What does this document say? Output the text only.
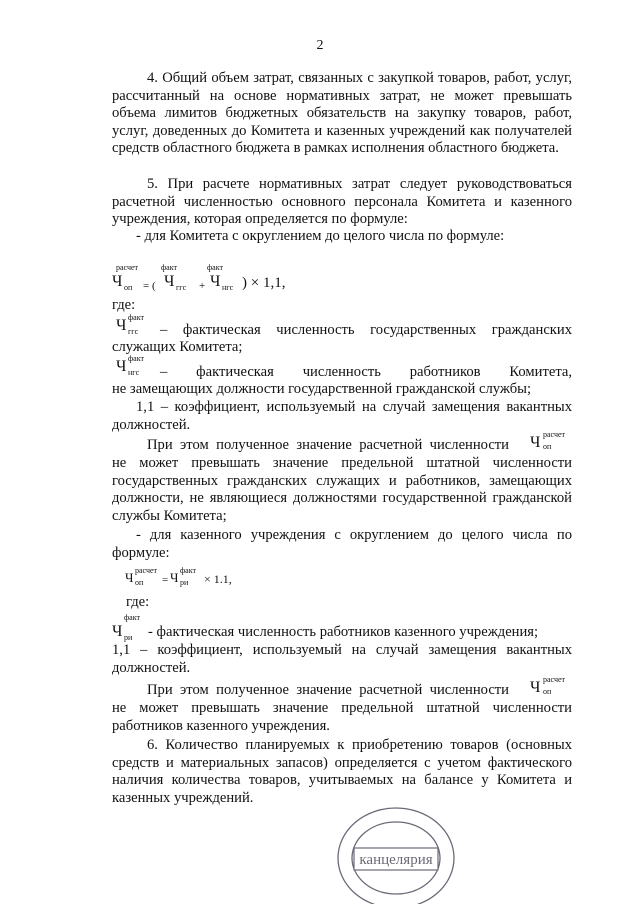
2
4. Общий объем затрат, связанных с закупкой товаров, работ, услуг, рассчитанный на основе нормативных затрат, не может превышать объема лимитов бюджетных обязательств на закупку товаров, работ, услуг, доведенных до Комитета и казенных учреждений как получателей средств областного бюджета в рамках исполнения областного бюджета.
5. При расчете нормативных затрат следует руководствоваться расчетной численностью основного персонала Комитета и казенного учреждения, которая определяется по формуле:
- для Комитета с округлением до целого числа по формуле:
расчет	факт	факт
Ч оп = ( Ч ггс + Ч нгс ) × 1,1,
где:
Ч факт
ггс – фактическая численность государственных гражданских
служащих Комитета;
Ч факт
нгс – фактическая численность работников Комитета,
не замещающих должности государственной гражданской службы;
1,1 – коэффициент, используемый на случай замещения вакантных должностей.
При этом полученное значение расчетной численности Ч расчет
оп
не может превышать значение предельной штатной численности государственных гражданских служащих и работников, замещающих должности, не являющиеся должностями государственной гражданской службы Комитета;
- для казенного учреждения с округлением до целого числа по формуле:
Ч расчет
оп = Ч факт
ри × 1.1,
где:
факт
Ч ри - фактическая численность работников казенного учреждения;
1,1 – коэффициент, используемый на случай замещения вакантных должностей.
При этом полученное значение расчетной численности Ч расчет
оп
не может превышать значение предельной штатной численности работников казенного учреждения.
6. Количество планируемых к приобретению товаров (основных средств и материальных запасов) определяется с учетом фактического наличия количества товаров, учитываемых на балансе у Комитета и казенных учреждений.
канцелярия
